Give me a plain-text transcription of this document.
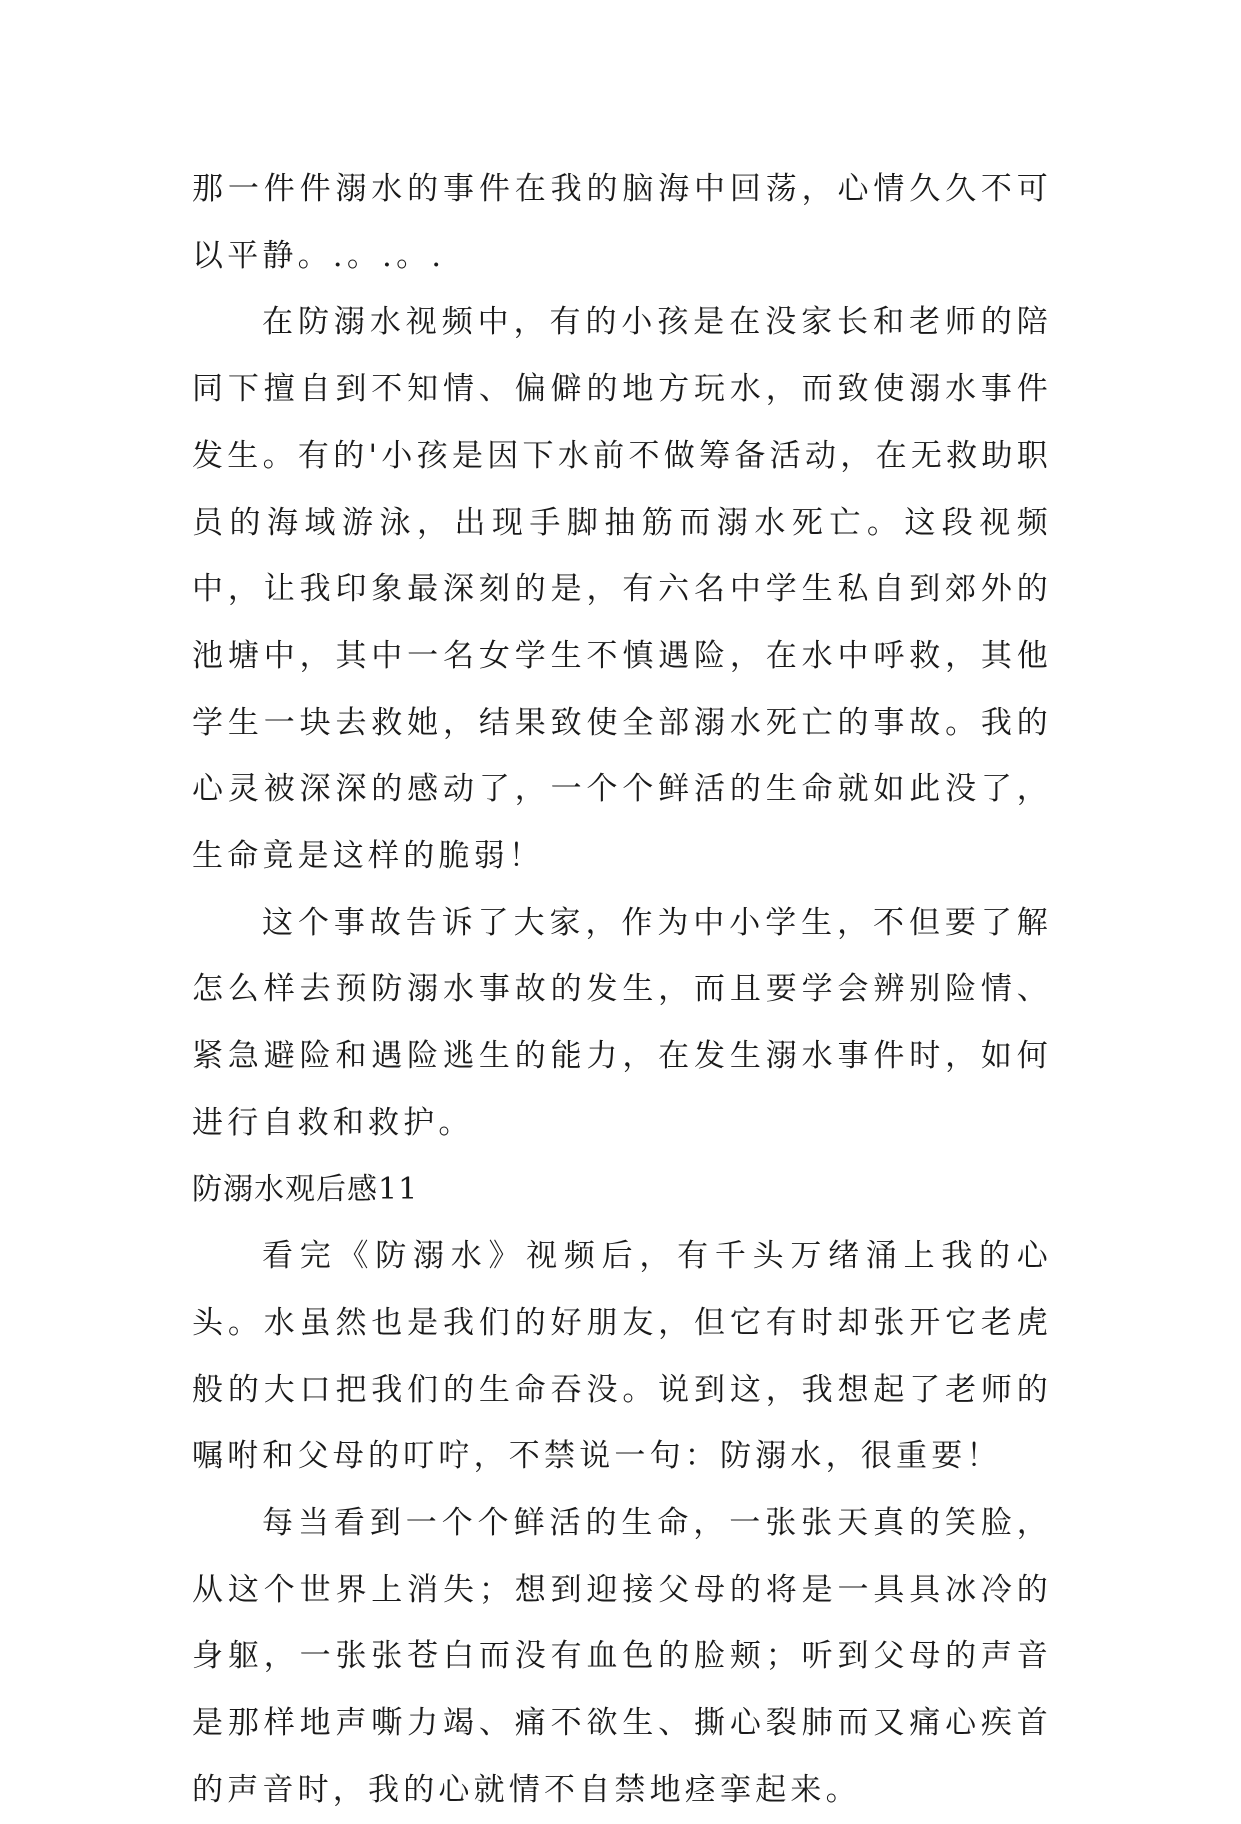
那一件件溺水的事件在我的脑海中回荡，心情久久不可以平静。.。.。.

在防溺水视频中，有的小孩是在没家长和老师的陪同下擅自到不知情、偏僻的地方玩水，而致使溺水事件发生。有的'小孩是因下水前不做筹备活动，在无救助职员的海域游泳，出现手脚抽筋而溺水死亡。这段视频中，让我印象最深刻的是，有六名中学生私自到郊外的池塘中，其中一名女学生不慎遇险，在水中呼救，其他学生一块去救她，结果致使全部溺水死亡的事故。我的心灵被深深的感动了，一个个鲜活的生命就如此没了，生命竟是这样的脆弱！

这个事故告诉了大家，作为中小学生，不但要了解怎么样去预防溺水事故的发生，而且要学会辨别险情、紧急避险和遇险逃生的能力，在发生溺水事件时，如何进行自救和救护。

防溺水观后感11

看完《防溺水》视频后，有千头万绪涌上我的心头。水虽然也是我们的好朋友，但它有时却张开它老虎般的大口把我们的生命吞没。说到这，我想起了老师的嘱咐和父母的叮咛，不禁说一句：防溺水，很重要！

每当看到一个个鲜活的生命，一张张天真的笑脸，从这个世界上消失；想到迎接父母的将是一具具冰冷的身躯，一张张苍白而没有血色的脸颊；听到父母的声音是那样地声嘶力竭、痛不欲生、撕心裂肺而又痛心疾首的声音时，我的心就情不自禁地痉挛起来。
